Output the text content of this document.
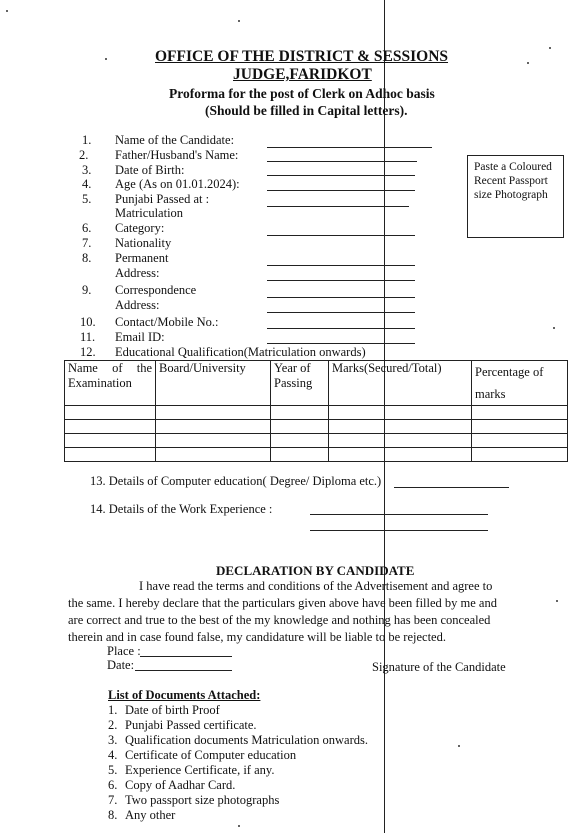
OFFICE OF THE DISTRICT & SESSIONS
JUDGE,FARIDKOT
Proforma for the post of Clerk on Adhoc basis
(Should be filled in Capital letters).
Paste a Coloured Recent Passport size Photograph
1. Name of the Candidate:
2. Father/Husband's Name:
3. Date of Birth:
4. Age (As on 01.01.2024):
5. Punjabi Passed at :
Matriculation
6. Category:
7. Nationality
8. Permanent
Address:
9. Correspondence
Address:
10. Contact/Mobile No.:
11. Email ID:
12. Educational Qualification(Matriculation onwards)
Name of the Examination	Board/University	Year of Passing	Marks(Secured/Total)	Percentage of marks

13. Details of Computer education( Degree/ Diploma etc.)
14. Details of the Work Experience :
DECLARATION BY CANDIDATE
I have read the terms and conditions of the Advertisement and agree to
the same. I hereby declare that the particulars given above have been filled by me and
are correct and true to the best of the my knowledge and nothing has been concealed
therein and in case found false, my candidature will be liable to be rejected.
Place :
Date:	Signature of the Candidate
List of Documents Attached:
1. Date of birth Proof
2. Punjabi Passed certificate.
3. Qualification documents Matriculation onwards.
4. Certificate of Computer education
5. Experience Certificate, if any.
6. Copy of Aadhar Card.
7. Two passport size photographs
8. Any other
